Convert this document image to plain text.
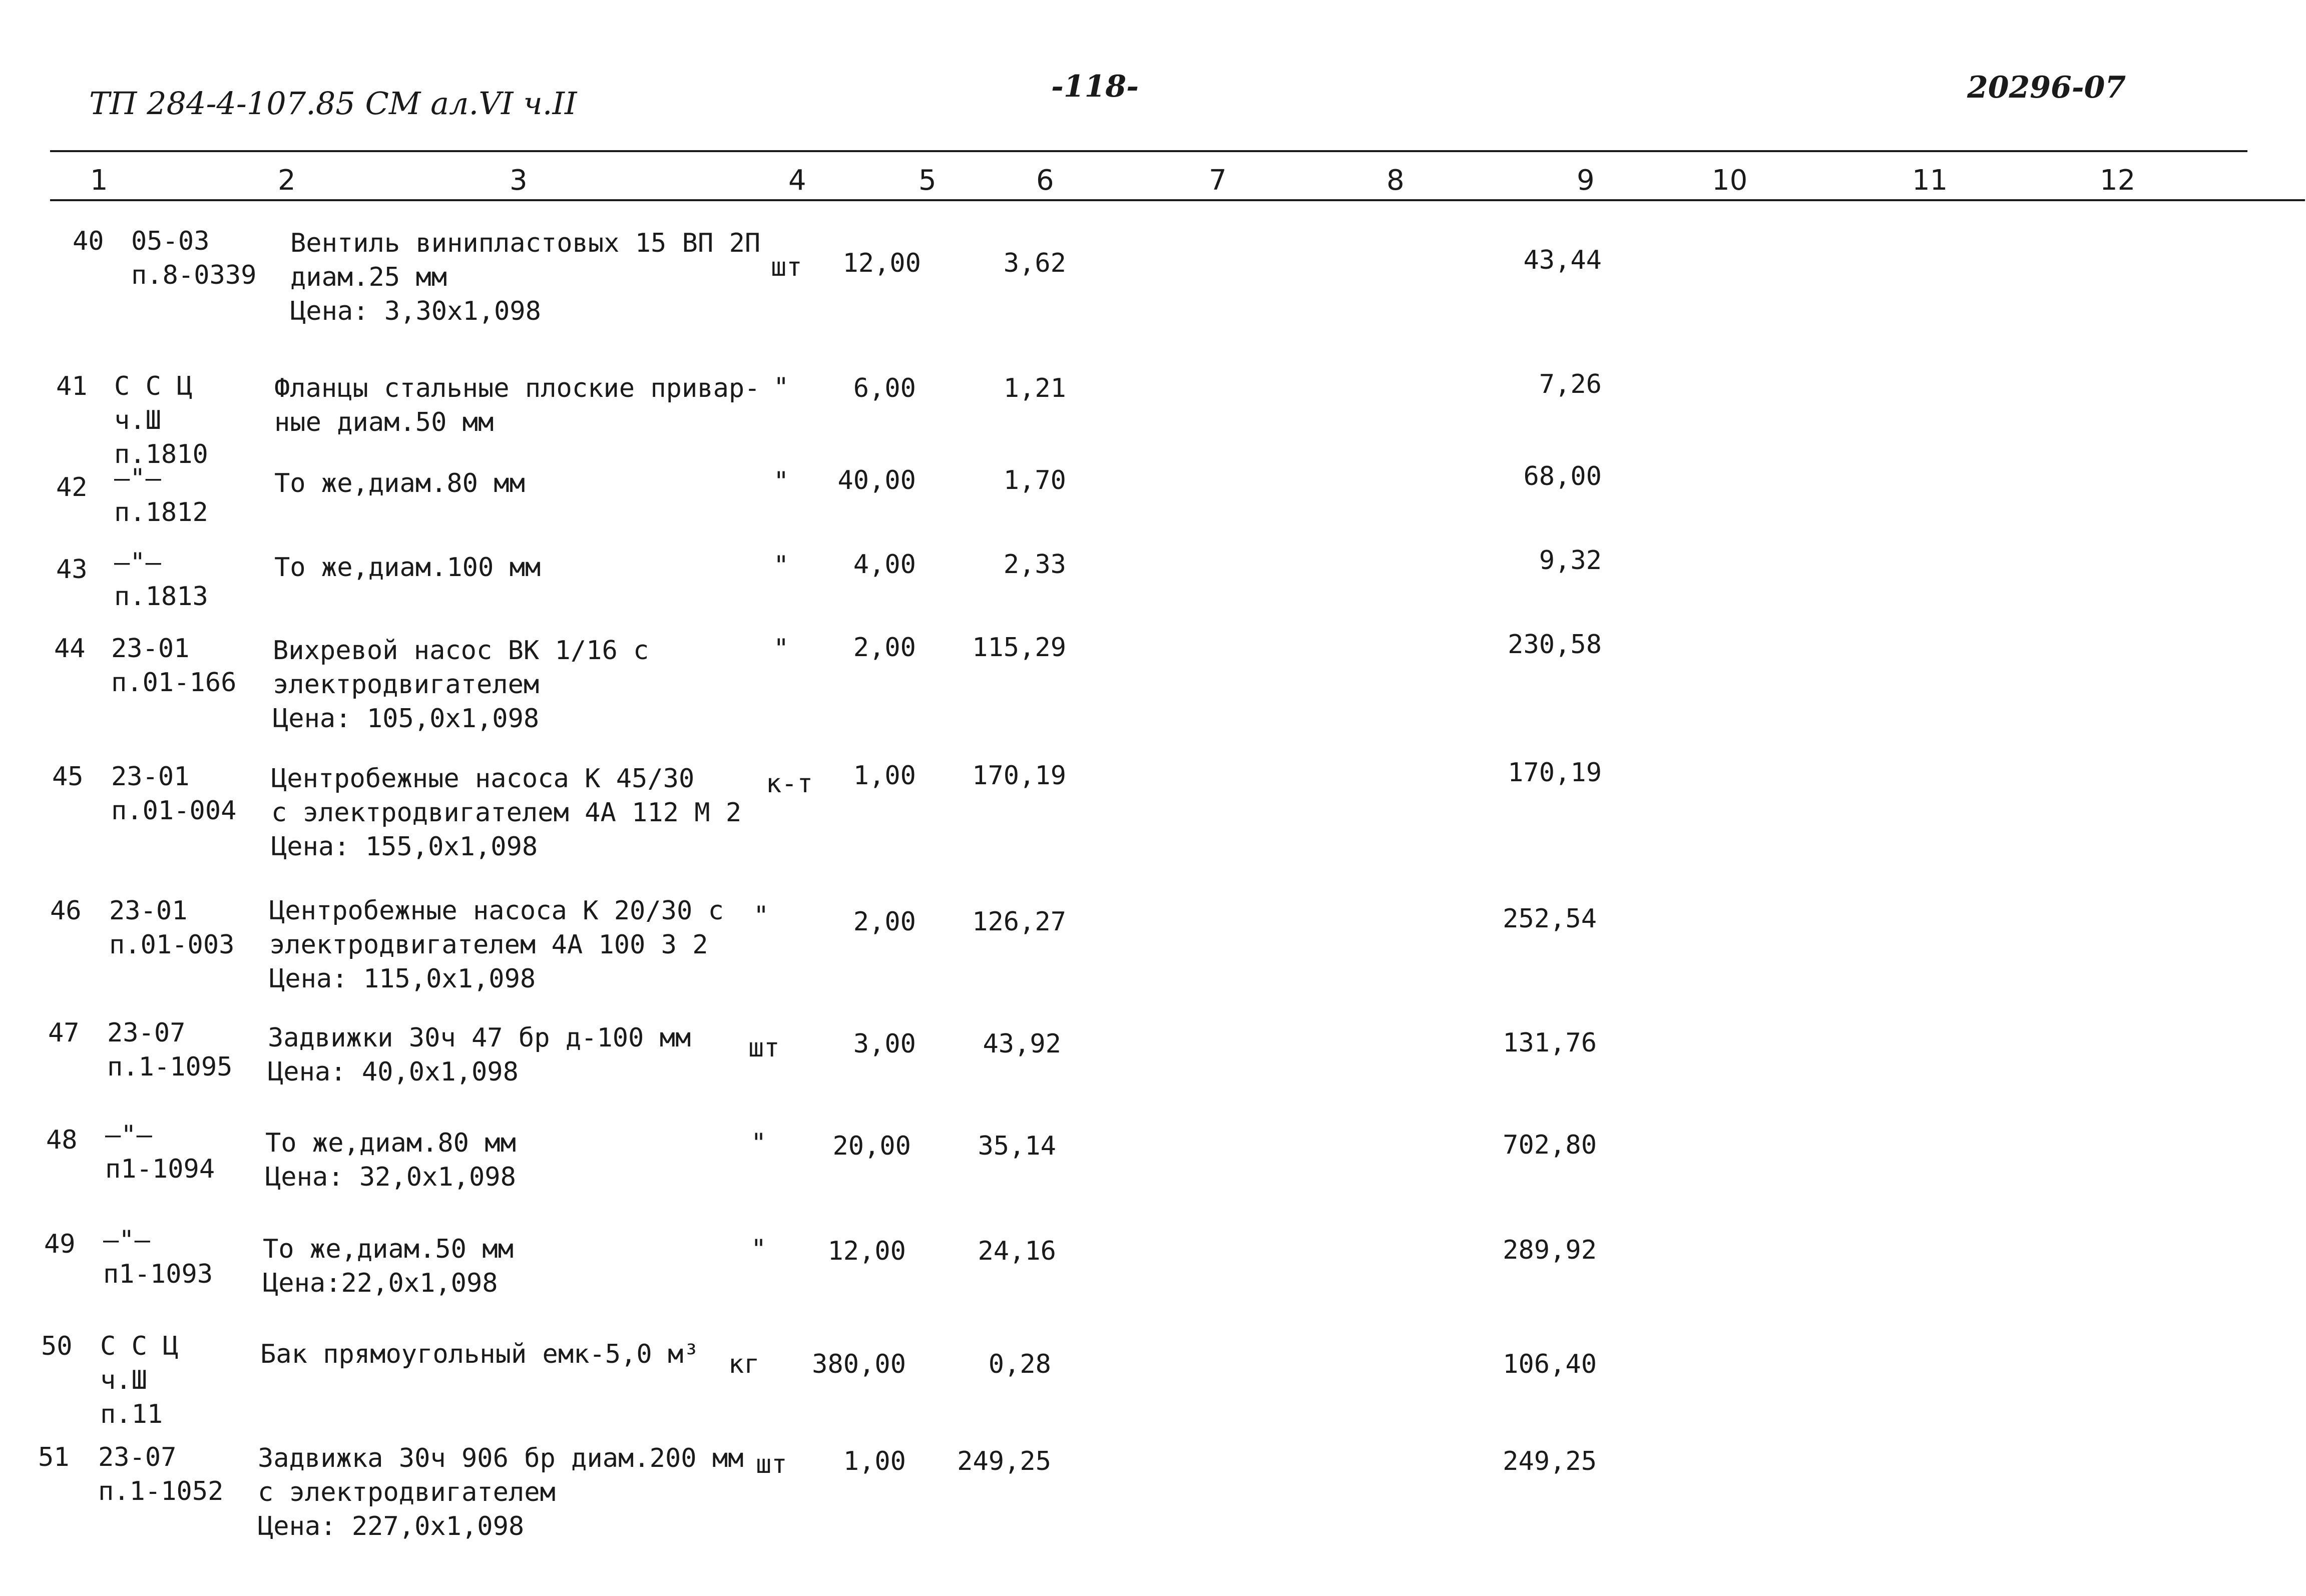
ТП 284-4-107.85 СМ ал.VI ч.II	-118-	20296-07
1	2	3	4	5	6	7	8	9	10	11	12
40 05-03
п.8-0339
Вентиль винипластовых 15 ВП 2П
диам.25 мм
Цена: 3,30х1,098
шт	12,00	3,62	43,44
41 С С Ц
ч.Ш
п.1810
Фланцы стальные плоские привар-
ные диам.50 мм
"	6,00	1,21	7,26
42 —"—
п.1812
То же,диам.80 мм	"	40,00	1,70	68,00
43 —"—
п.1813
То же,диам.100 мм	"	4,00	2,33	9,32
44 23-01
п.01-166
Вихревой насос ВК 1/16 с
электродвигателем
Цена: 105,0х1,098
"	2,00 115,29	230,58
45 23-01
п.01-004
Центробежные насоса К 45/30
с электродвигателем 4А 112 М 2
Цена: 155,0х1,098
к-т	1,00 170,19	170,19
46 23-01
п.01-003
Центробежные насоса К 20/30 с
электродвигателем 4А 100 3 2
Цена: 115,0х1,098
"	2,00 126,27	252,54
47 23-07
п.1-1095
Задвижки 30ч 47 бр д-100 мм
Цена: 40,0х1,098
шт	3,00	43,92	131,76
48 —"—
п1-1094
То же,диам.80 мм
Цена: 32,0х1,098
"	20,00	35,14	702,80
49 —"—
п1-1093
То же,диам.50 мм
Цена:22,0х1,098
"	12,00	24,16	289,92
50 С С Ц
ч.Ш
п.11
Бак прямоугольный емк-5,0 м³ кг 380,00	0,28	106,40
51 23-07
п.1-1052
Задвижка 30ч 906 бр диам.200 мм
с электродвигателем
Цена: 227,0х1,098
шт	1,00 249,25	249,25
